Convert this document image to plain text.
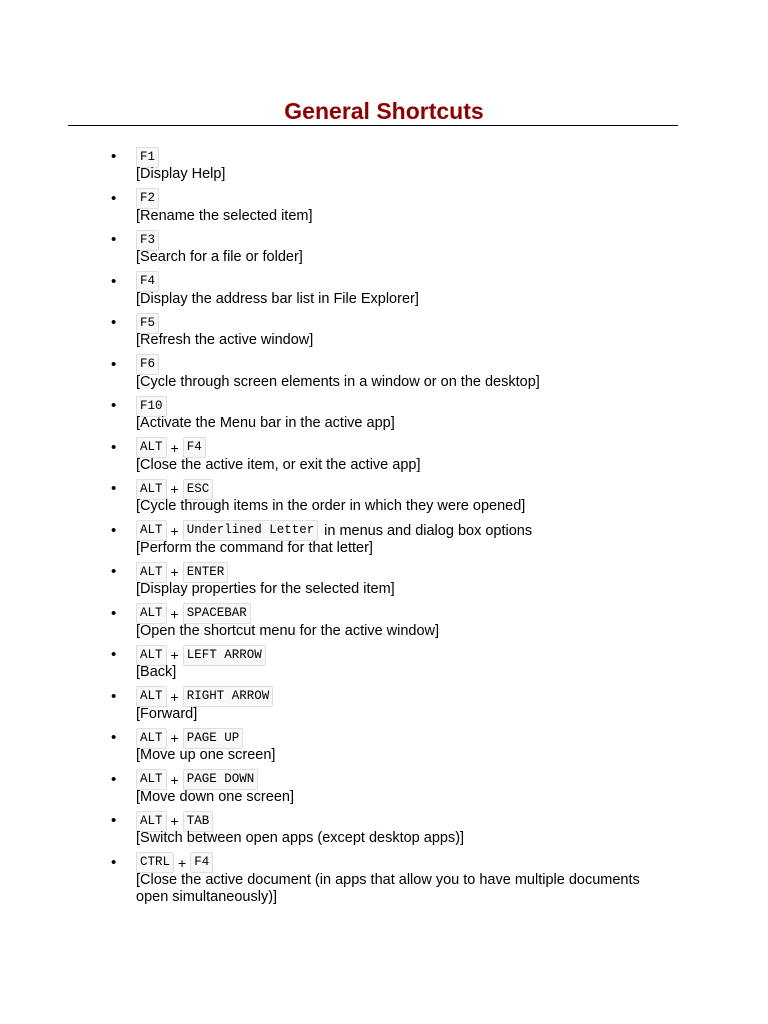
General Shortcuts
•	F1
[Display Help]
•	F2
[Rename the selected item]
•	F3
[Search for a file or folder]
•	F4
[Display the address bar list in File Explorer]
•	F5
[Refresh the active window]
•	F6
[Cycle through screen elements in a window or on the desktop]
•	F10
[Activate the Menu bar in the active app]
•	ALT + F4
[Close the active item, or exit the active app]
•	ALT + ESC
[Cycle through items in the order in which they were opened]
•	ALT + Underlined Letter in menus and dialog box options
[Perform the command for that letter]
•	ALT + ENTER
[Display properties for the selected item]
•	ALT + SPACEBAR
[Open the shortcut menu for the active window]
•	ALT + LEFT ARROW
[Back]
•	ALT + RIGHT ARROW
[Forward]
•	ALT + PAGE UP
[Move up one screen]
•	ALT + PAGE DOWN
[Move down one screen]
•	ALT + TAB
[Switch between open apps (except desktop apps)]
•	CTRL + F4
[Close the active document (in apps that allow you to have multiple documents open simultaneously)]
